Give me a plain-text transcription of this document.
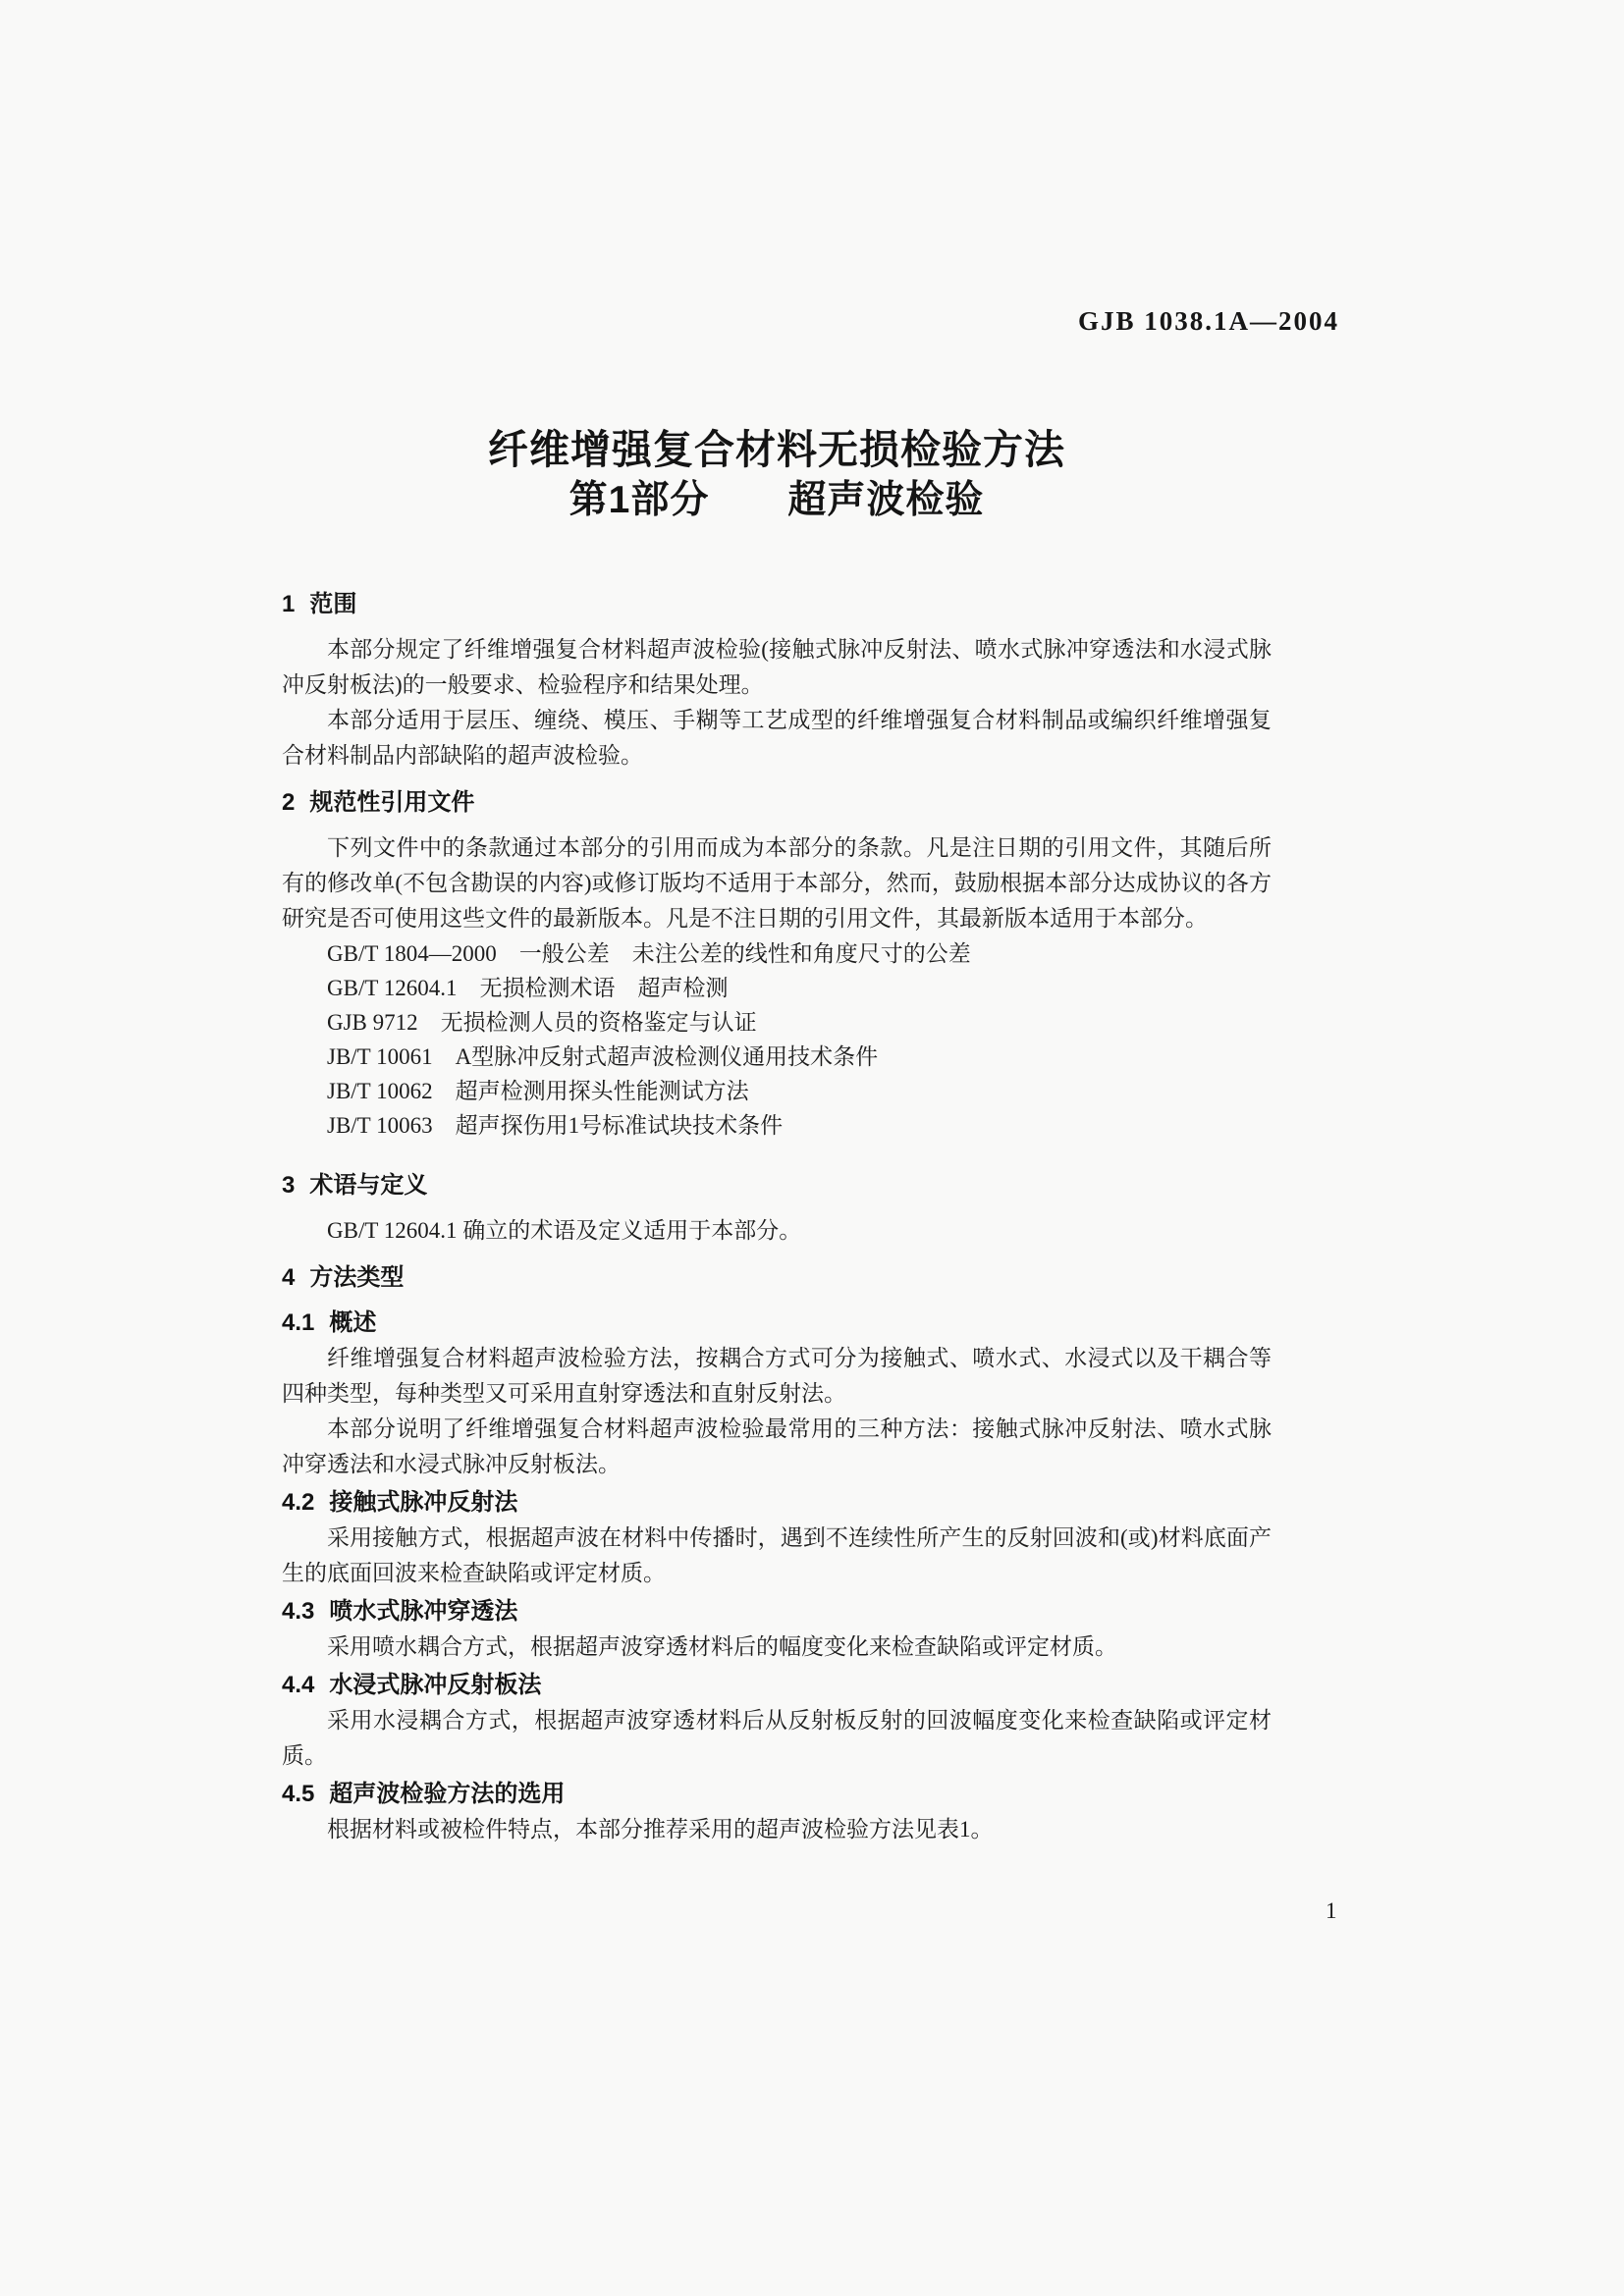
GJB 1038.1A—2004
纤维增强复合材料无损检验方法
第1部分　　超声波检验
1 范围

本部分规定了纤维增强复合材料超声波检验(接触式脉冲反射法、喷水式脉冲穿透法和水浸式脉冲反射板法)的一般要求、检验程序和结果处理。

本部分适用于层压、缠绕、模压、手糊等工艺成型的纤维增强复合材料制品或编织纤维增强复合材料制品内部缺陷的超声波检验。

2 规范性引用文件

下列文件中的条款通过本部分的引用而成为本部分的条款。凡是注日期的引用文件，其随后所有的修改单(不包含勘误的内容)或修订版均不适用于本部分，然而，鼓励根据本部分达成协议的各方研究是否可使用这些文件的最新版本。凡是不注日期的引用文件，其最新版本适用于本部分。

GB/T 1804—2000　一般公差　未注公差的线性和角度尺寸的公差

GB/T 12604.1　无损检测术语　超声检测

GJB 9712　无损检测人员的资格鉴定与认证

JB/T 10061　A型脉冲反射式超声波检测仪通用技术条件

JB/T 10062　超声检测用探头性能测试方法

JB/T 10063　超声探伤用1号标准试块技术条件

3 术语与定义

GB/T 12604.1 确立的术语及定义适用于本部分。

4 方法类型
4.1 概述

纤维增强复合材料超声波检验方法，按耦合方式可分为接触式、喷水式、水浸式以及干耦合等四种类型，每种类型又可采用直射穿透法和直射反射法。

本部分说明了纤维增强复合材料超声波检验最常用的三种方法：接触式脉冲反射法、喷水式脉冲穿透法和水浸式脉冲反射板法。

4.2 接触式脉冲反射法

采用接触方式，根据超声波在材料中传播时，遇到不连续性所产生的反射回波和(或)材料底面产生的底面回波来检查缺陷或评定材质。

4.3 喷水式脉冲穿透法

采用喷水耦合方式，根据超声波穿透材料后的幅度变化来检查缺陷或评定材质。

4.4 水浸式脉冲反射板法

采用水浸耦合方式，根据超声波穿透材料后从反射板反射的回波幅度变化来检查缺陷或评定材质。

4.5 超声波检验方法的选用

根据材料或被检件特点，本部分推荐采用的超声波检验方法见表1。

1
